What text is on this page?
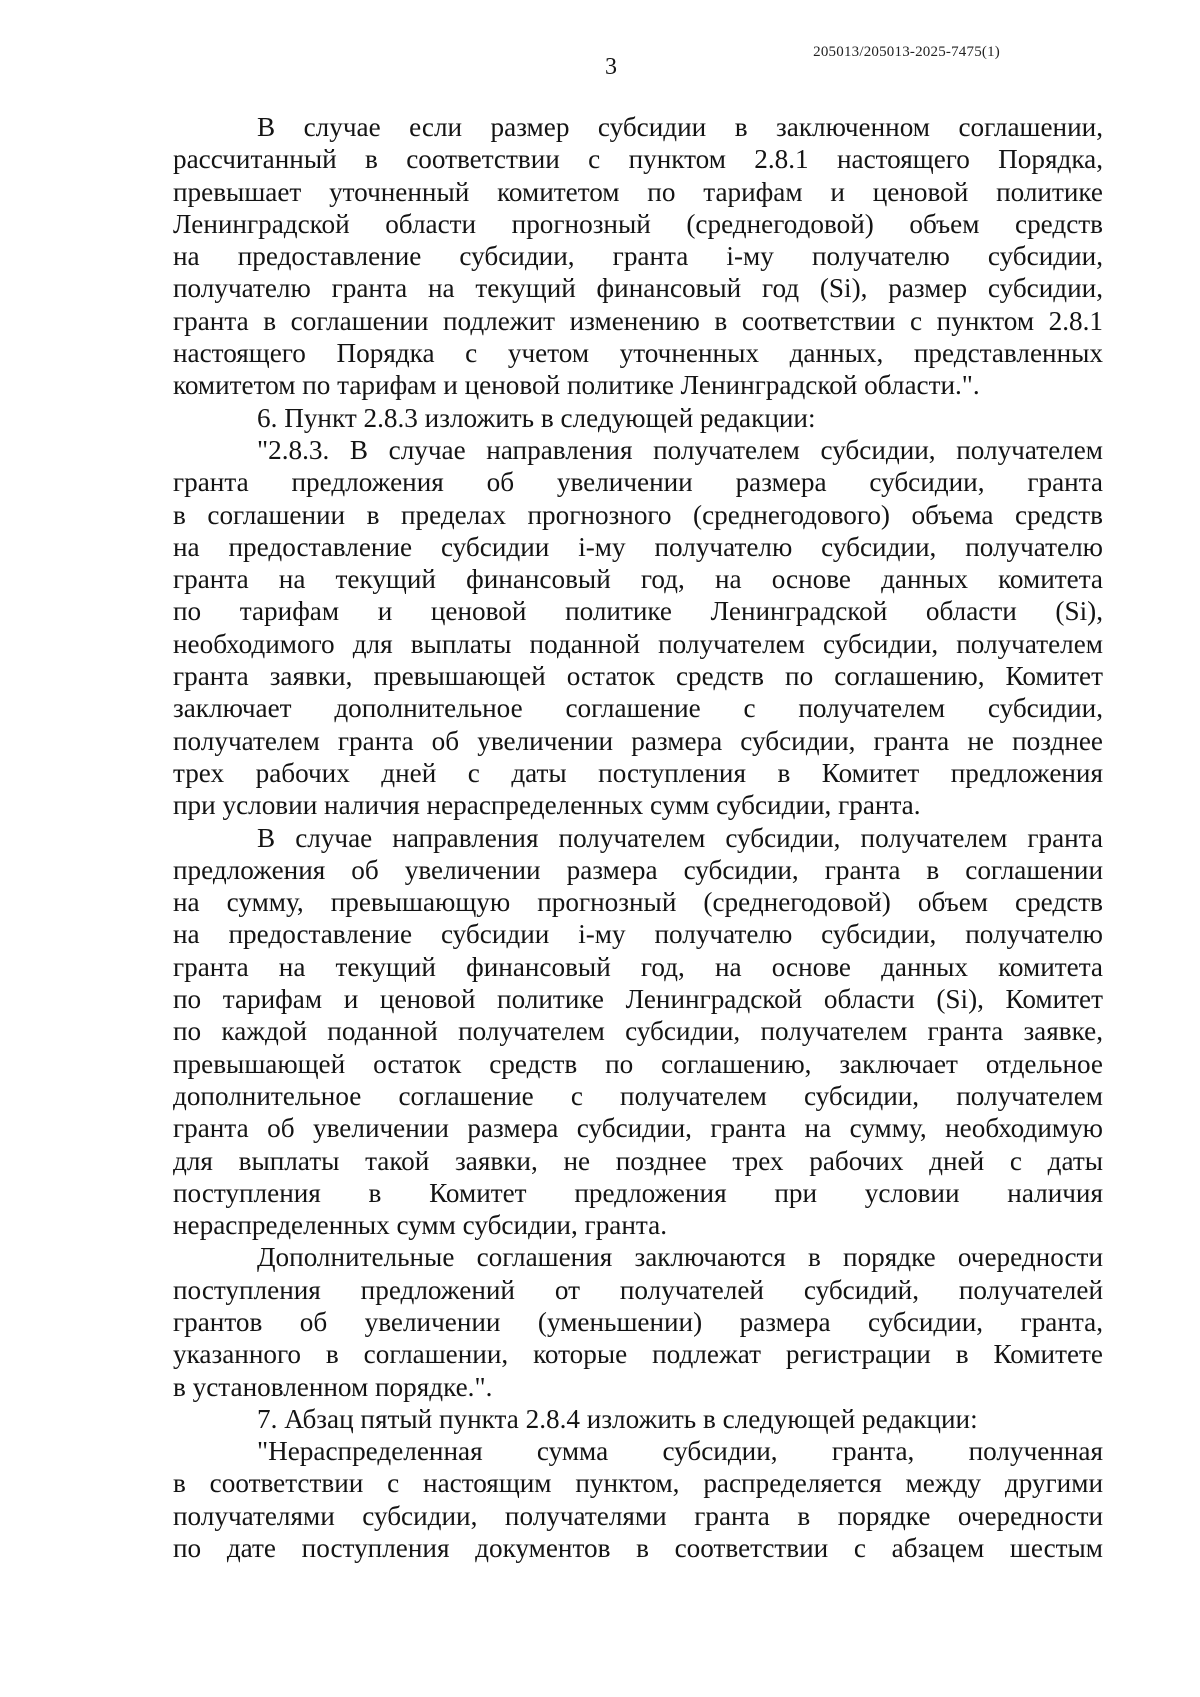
205013/205013-2025-7475(1)
3

В случае если размер субсидии в заключенном соглашении,
рассчитанный в соответствии с пунктом 2.8.1 настоящего Порядка,
превышает уточненный комитетом по тарифам и ценовой политике
Ленинградской области прогнозный (среднегодовой) объем средств
на предоставление субсидии, гранта i-му получателю субсидии,
получателю гранта на текущий финансовый год (Si), размер субсидии,
гранта в соглашении подлежит изменению в соответствии с пунктом 2.8.1
настоящего Порядка с учетом уточненных данных, представленных
комитетом по тарифам и ценовой политике Ленинградской области.".

6. Пункт 2.8.3 изложить в следующей редакции:

"2.8.3. В случае направления получателем субсидии, получателем
гранта предложения об увеличении размера субсидии, гранта
в соглашении в пределах прогнозного (среднегодового) объема средств
на предоставление субсидии i-му получателю субсидии, получателю
гранта на текущий финансовый год, на основе данных комитета
по тарифам и ценовой политике Ленинградской области (Si),
необходимого для выплаты поданной получателем субсидии, получателем
гранта заявки, превышающей остаток средств по соглашению, Комитет
заключает дополнительное соглашение с получателем субсидии,
получателем гранта об увеличении размера субсидии, гранта не позднее
трех рабочих дней с даты поступления в Комитет предложения
при условии наличия нераспределенных сумм субсидии, гранта.

В случае направления получателем субсидии, получателем гранта
предложения об увеличении размера субсидии, гранта в соглашении
на сумму, превышающую прогнозный (среднегодовой) объем средств
на предоставление субсидии i-му получателю субсидии, получателю
гранта на текущий финансовый год, на основе данных комитета
по тарифам и ценовой политике Ленинградской области (Si), Комитет
по каждой поданной получателем субсидии, получателем гранта заявке,
превышающей остаток средств по соглашению, заключает отдельное
дополнительное соглашение с получателем субсидии, получателем
гранта об увеличении размера субсидии, гранта на сумму, необходимую
для выплаты такой заявки, не позднее трех рабочих дней с даты
поступления в Комитет предложения при условии наличия
нераспределенных сумм субсидии, гранта.

Дополнительные соглашения заключаются в порядке очередности
поступления предложений от получателей субсидий, получателей
грантов об увеличении (уменьшении) размера субсидии, гранта,
указанного в соглашении, которые подлежат регистрации в Комитете
в установленном порядке.".

7. Абзац пятый пункта 2.8.4 изложить в следующей редакции:

"Нераспределенная сумма субсидии, гранта, полученная
в соответствии с настоящим пунктом, распределяется между другими
получателями субсидии, получателями гранта в порядке очередности
по дате поступления документов в соответствии с абзацем шестым
